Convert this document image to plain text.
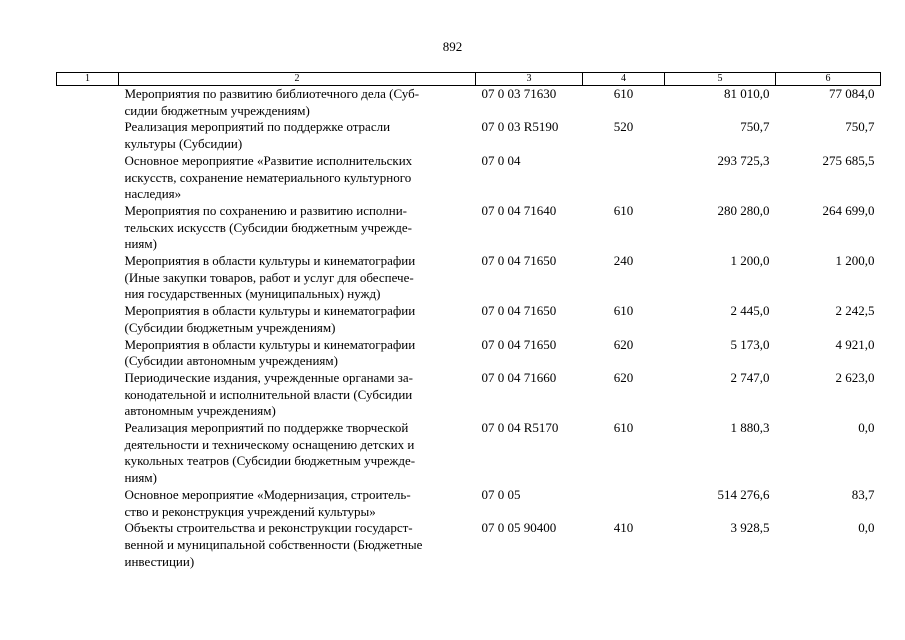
892
1	2	3	4	5	6
	Мероприятия по развитию библиотечного дела (Суб-
сидии бюджетным учреждениям)	07 0 03 71630	610	81 010,0	77 084,0
	Реализация мероприятий по поддержке отрасли
культуры (Субсидии)	07 0 03 R5190	520	750,7	750,7
	Основное мероприятие «Развитие исполнительских
искусств, сохранение нематериального культурного
наследия»	07 0 04		293 725,3	275 685,5
	Мероприятия по сохранению и развитию исполни-
тельских искусств (Субсидии бюджетным учрежде-
ниям)	07 0 04 71640	610	280 280,0	264 699,0
	Мероприятия в области культуры и кинематографии
(Иные закупки товаров, работ и услуг для обеспече-
ния государственных (муниципальных) нужд)	07 0 04 71650	240	1 200,0	1 200,0
	Мероприятия в области культуры и кинематографии
(Субсидии бюджетным учреждениям)	07 0 04 71650	610	2 445,0	2 242,5
	Мероприятия в области культуры и кинематографии
(Субсидии автономным учреждениям)	07 0 04 71650	620	5 173,0	4 921,0
	Периодические издания, учрежденные органами за-
конодательной и исполнительной власти (Субсидии
автономным учреждениям)	07 0 04 71660	620	2 747,0	2 623,0
	Реализация мероприятий по поддержке творческой
деятельности и техническому оснащению детских и
кукольных театров (Субсидии бюджетным учрежде-
ниям)	07 0 04 R5170	610	1 880,3	0,0
	Основное мероприятие «Модернизация, строитель-
ство и реконструкция учреждений культуры»	07 0 05		514 276,6	83,7
	Объекты строительства и реконструкции государст-
венной и муниципальной собственности (Бюджетные
инвестиции)	07 0 05 90400	410	3 928,5	0,0
